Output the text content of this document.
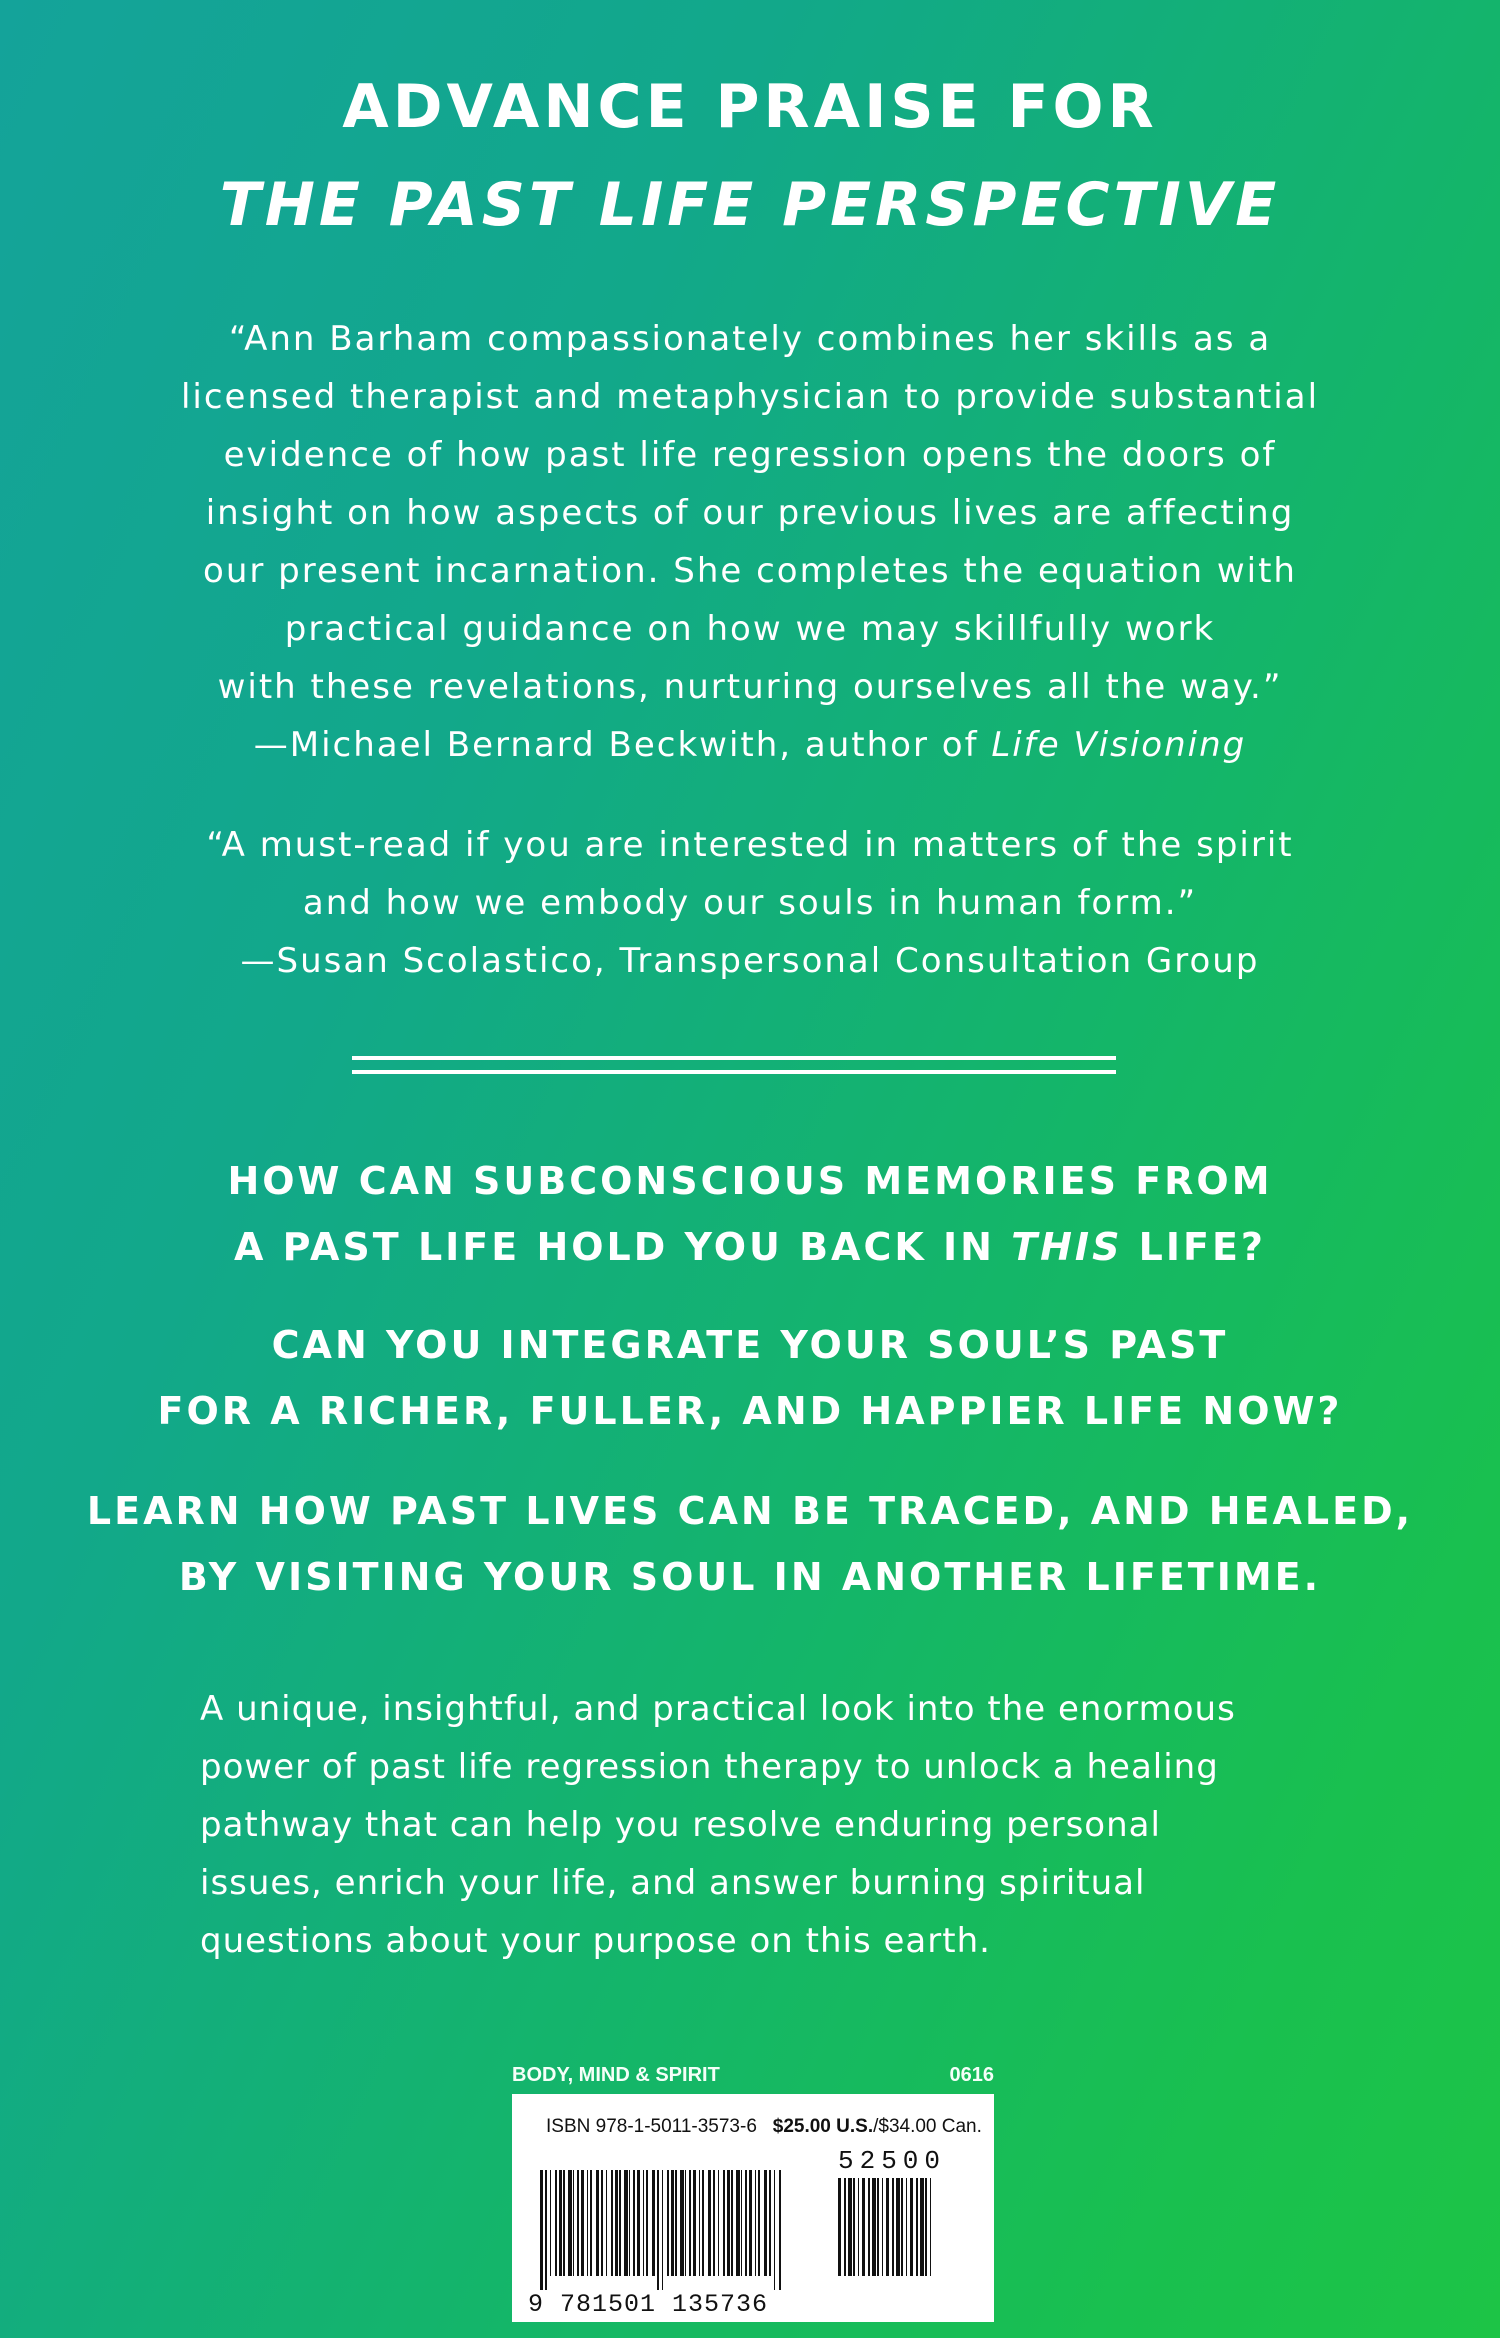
ADVANCE PRAISE FOR
THE PAST LIFE PERSPECTIVE
“Ann Barham compassionately combines her skills as a
licensed therapist and metaphysician to provide substantial
evidence of how past life regression opens the doors of
insight on how aspects of our previous lives are affecting
our present incarnation. She completes the equation with
practical guidance on how we may skillfully work
with these revelations, nurturing ourselves all the way.”
—Michael Bernard Beckwith, author of Life Visioning
“A must-read if you are interested in matters of the spirit
and how we embody our souls in human form.”
—Susan Scolastico, Transpersonal Consultation Group
HOW CAN SUBCONSCIOUS MEMORIES FROM
A PAST LIFE HOLD YOU BACK IN THIS LIFE?
CAN YOU INTEGRATE YOUR SOUL’S PAST
FOR A RICHER, FULLER, AND HAPPIER LIFE NOW?
LEARN HOW PAST LIVES CAN BE TRACED, AND HEALED,
BY VISITING YOUR SOUL IN ANOTHER LIFETIME.
A unique, insightful, and practical look into the enormous
power of past life regression therapy to unlock a healing
pathway that can help you resolve enduring personal
issues, enrich your life, and answer burning spiritual
questions about your purpose on this earth.
BODY, MIND & SPIRIT	0616
ISBN 978-1-5011-3573-6 $25.00 U.S./$34.00 Can.
52500
9 781501 135736
